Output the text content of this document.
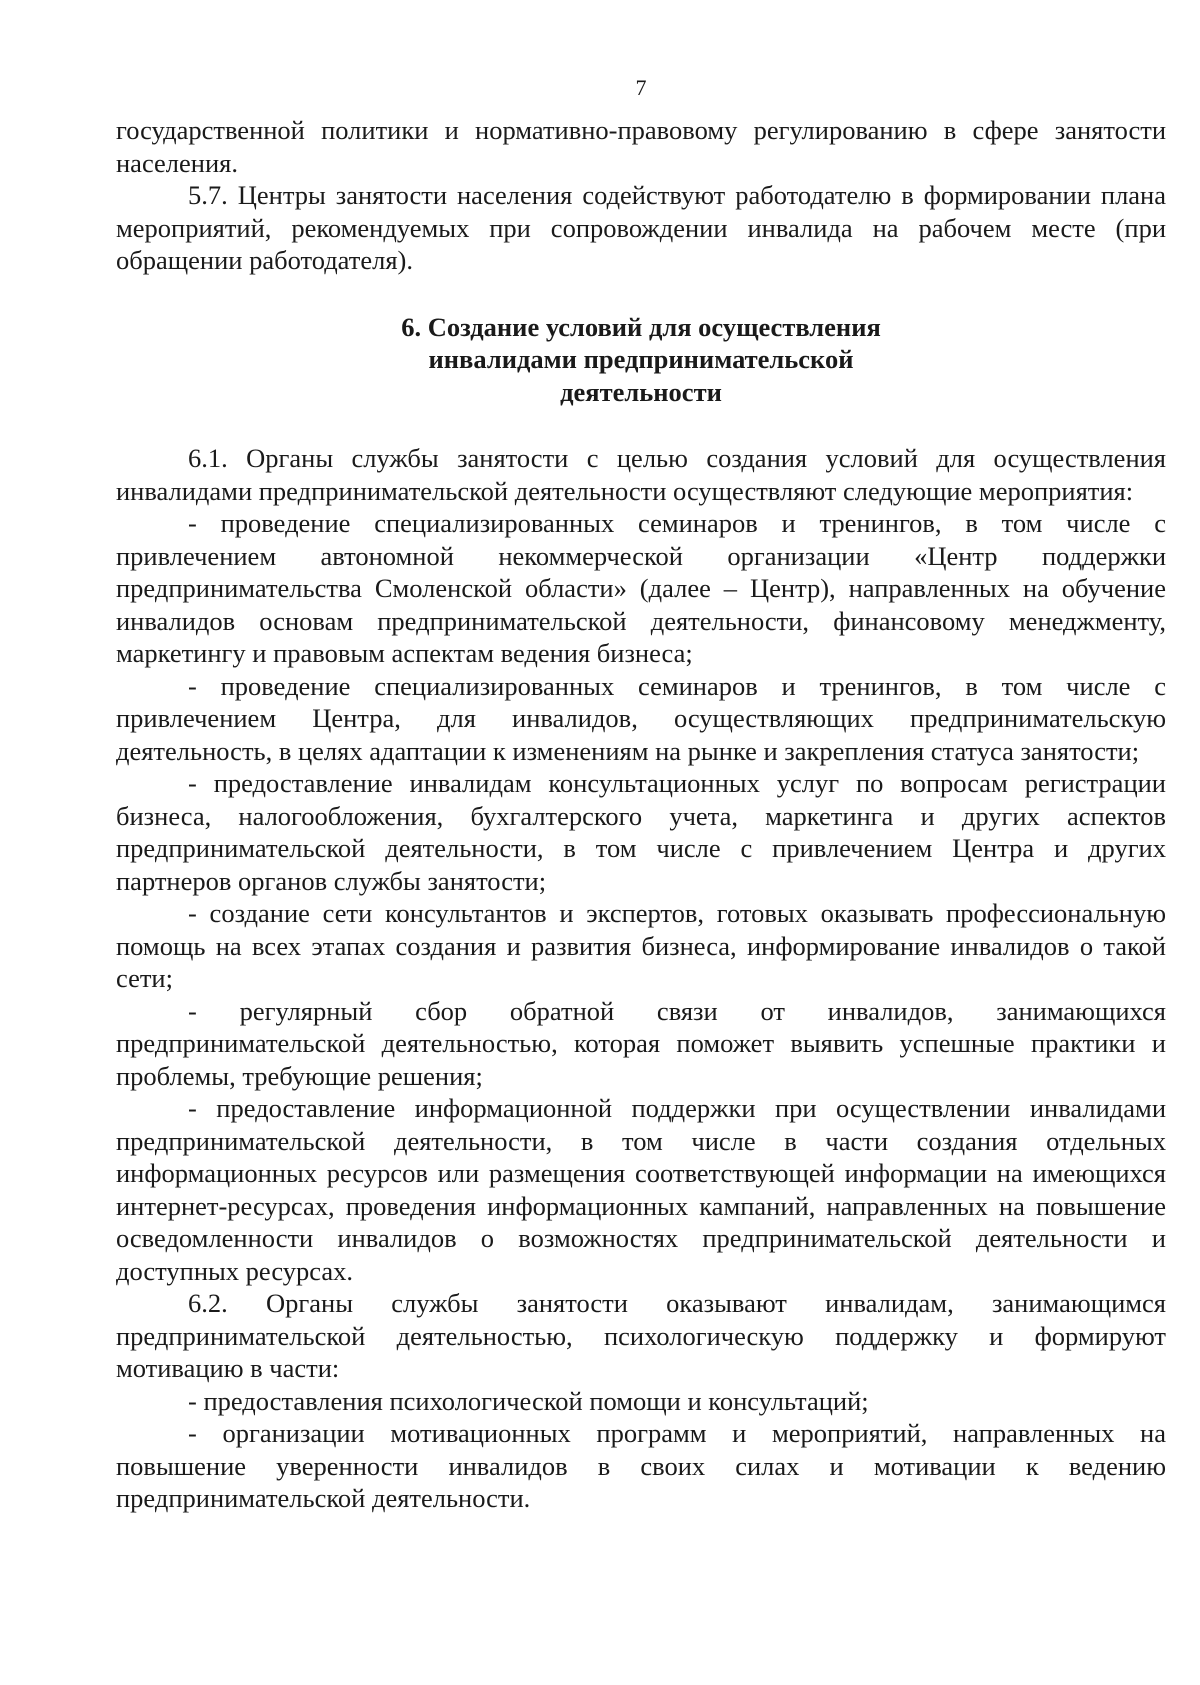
7

государственной политики и нормативно-правовому регулированию в сфере занятости населения.

5.7. Центры занятости населения содействуют работодателю в формировании плана мероприятий, рекомендуемых при сопровождении инвалида на рабочем месте (при обращении работодателя).

6. Создание условий для осуществления
инвалидами предпринимательской
деятельности

6.1. Органы службы занятости с целью создания условий для осуществления инвалидами предпринимательской деятельности осуществляют следующие мероприятия:

- проведение специализированных семинаров и тренингов, в том числе с привлечением автономной некоммерческой организации «Центр поддержки предпринимательства Смоленской области» (далее – Центр), направленных на обучение инвалидов основам предпринимательской деятельности, финансовому менеджменту, маркетингу и правовым аспектам ведения бизнеса;

- проведение специализированных семинаров и тренингов, в том числе с привлечением Центра, для инвалидов, осуществляющих предпринимательскую деятельность, в целях адаптации к изменениям на рынке и закрепления статуса занятости;

- предоставление инвалидам консультационных услуг по вопросам регистрации бизнеса, налогообложения, бухгалтерского учета, маркетинга и других аспектов предпринимательской деятельности, в том числе с привлечением Центра и других партнеров органов службы занятости;

- создание сети консультантов и экспертов, готовых оказывать профессиональную помощь на всех этапах создания и развития бизнеса, информирование инвалидов о такой сети;

- регулярный сбор обратной связи от инвалидов, занимающихся предпринимательской деятельностью, которая поможет выявить успешные практики и проблемы, требующие решения;

- предоставление информационной поддержки при осуществлении инвалидами предпринимательской деятельности, в том числе в части создания отдельных информационных ресурсов или размещения соответствующей информации на имеющихся интернет-ресурсах, проведения информационных кампаний, направленных на повышение осведомленности инвалидов о возможностях предпринимательской деятельности и доступных ресурсах.

6.2. Органы службы занятости оказывают инвалидам, занимающимся предпринимательской деятельностью, психологическую поддержку и формируют мотивацию в части:

- предоставления психологической помощи и консультаций;

- организации мотивационных программ и мероприятий, направленных на повышение уверенности инвалидов в своих силах и мотивации к ведению предпринимательской деятельности.
